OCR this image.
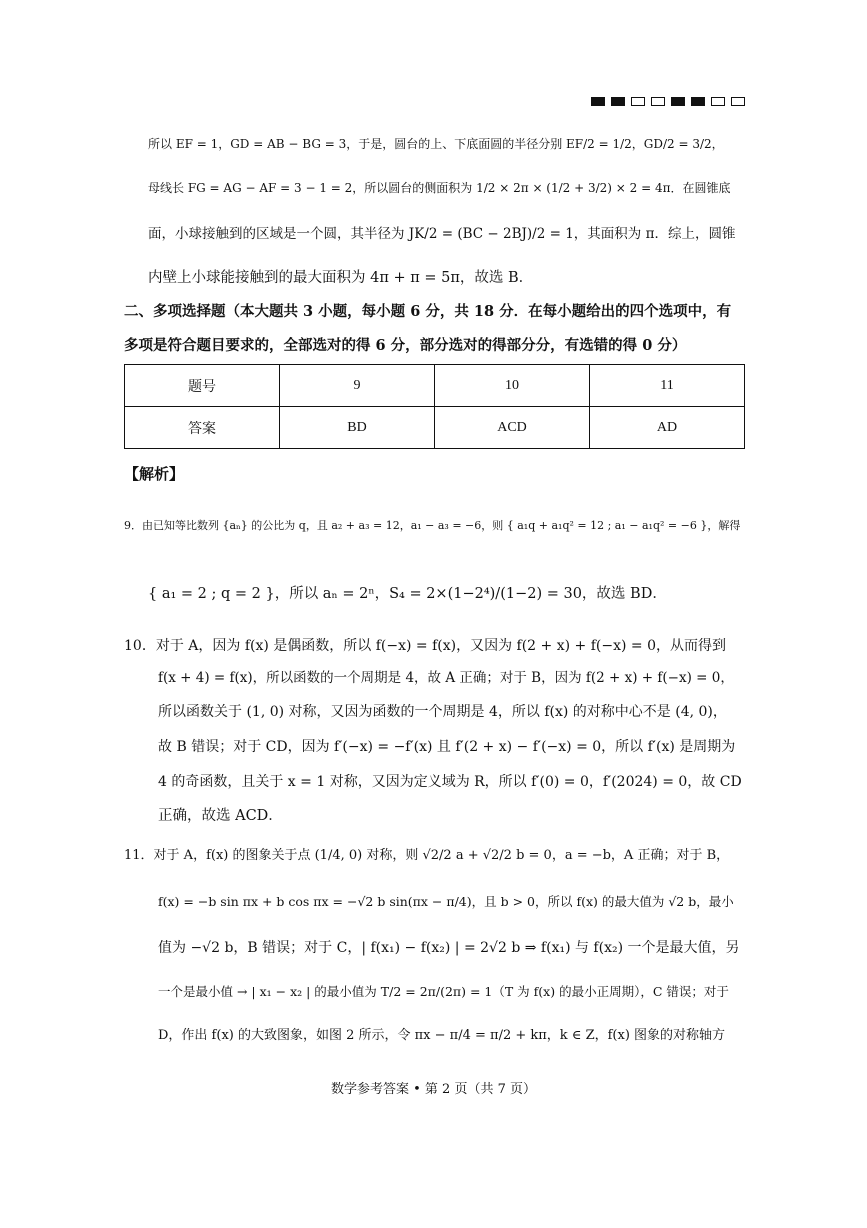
所以 EF = 1，GD = AB − BG = 3，于是，圆台的上、下底面圆的半径分别 EF/2 = 1/2，GD/2 = 3/2，
母线长 FG = AG − AF = 3 − 1 = 2，所以圆台的侧面积为 1/2 × 2π × (1/2 + 3/2) × 2 = 4π．在圆锥底
面，小球接触到的区域是一个圆，其半径为 JK/2 = (BC − 2BJ)/2 = 1，其面积为 π．综上，圆锥
内壁上小球能接触到的最大面积为 4π + π = 5π，故选 B．
二、多项选择题（本大题共 3 小题，每小题 6 分，共 18 分．在每小题给出的四个选项中，有
多项是符合题目要求的，全部选对的得 6 分，部分选对的得部分分，有选错的得 0 分）
题号	9	10	11
答案	BD	ACD	AD
【解析】
9．由已知等比数列 {aₙ} 的公比为 q，且 a₂ + a₃ = 12，a₁ − a₃ = −6，则 { a₁q + a₁q² = 12 ; a₁ − a₁q² = −6 }，解得
{ a₁ = 2 ; q = 2 }，所以 aₙ = 2ⁿ，S₄ = 2×(1−2⁴)/(1−2) = 30，故选 BD．
10．对于 A，因为 f(x) 是偶函数，所以 f(−x) = f(x)，又因为 f(2 + x) + f(−x) = 0，从而得到
f(x + 4) = f(x)，所以函数的一个周期是 4，故 A 正确；对于 B，因为 f(2 + x) + f(−x) = 0，
所以函数关于 (1, 0) 对称，又因为函数的一个周期是 4，所以 f(x) 的对称中心不是 (4, 0)，
故 B 错误；对于 CD，因为 f′(−x) = −f′(x) 且 f′(2 + x) − f′(−x) = 0，所以 f′(x) 是周期为
4 的奇函数，且关于 x = 1 对称，又因为定义域为 R，所以 f′(0) = 0，f′(2024) = 0，故 CD
正确，故选 ACD．
11．对于 A，f(x) 的图象关于点 (1/4, 0) 对称，则 √2/2 a + √2/2 b = 0，a = −b，A 正确；对于 B，
f(x) = −b sin πx + b cos πx = −√2 b sin(πx − π/4)，且 b > 0，所以 f(x) 的最大值为 √2 b，最小
值为 −√2 b，B 错误；对于 C，| f(x₁) − f(x₂) | = 2√2 b ⇒ f(x₁) 与 f(x₂) 一个是最大值，另
一个是最小值 → | x₁ − x₂ | 的最小值为 T/2 = 2π/(2π) = 1（T 为 f(x) 的最小正周期），C 错误；对于
D，作出 f(x) 的大致图象，如图 2 所示，令 πx − π/4 = π/2 + kπ，k ∈ Z，f(x) 图象的对称轴方
数学参考答案 • 第 2 页（共 7 页）
